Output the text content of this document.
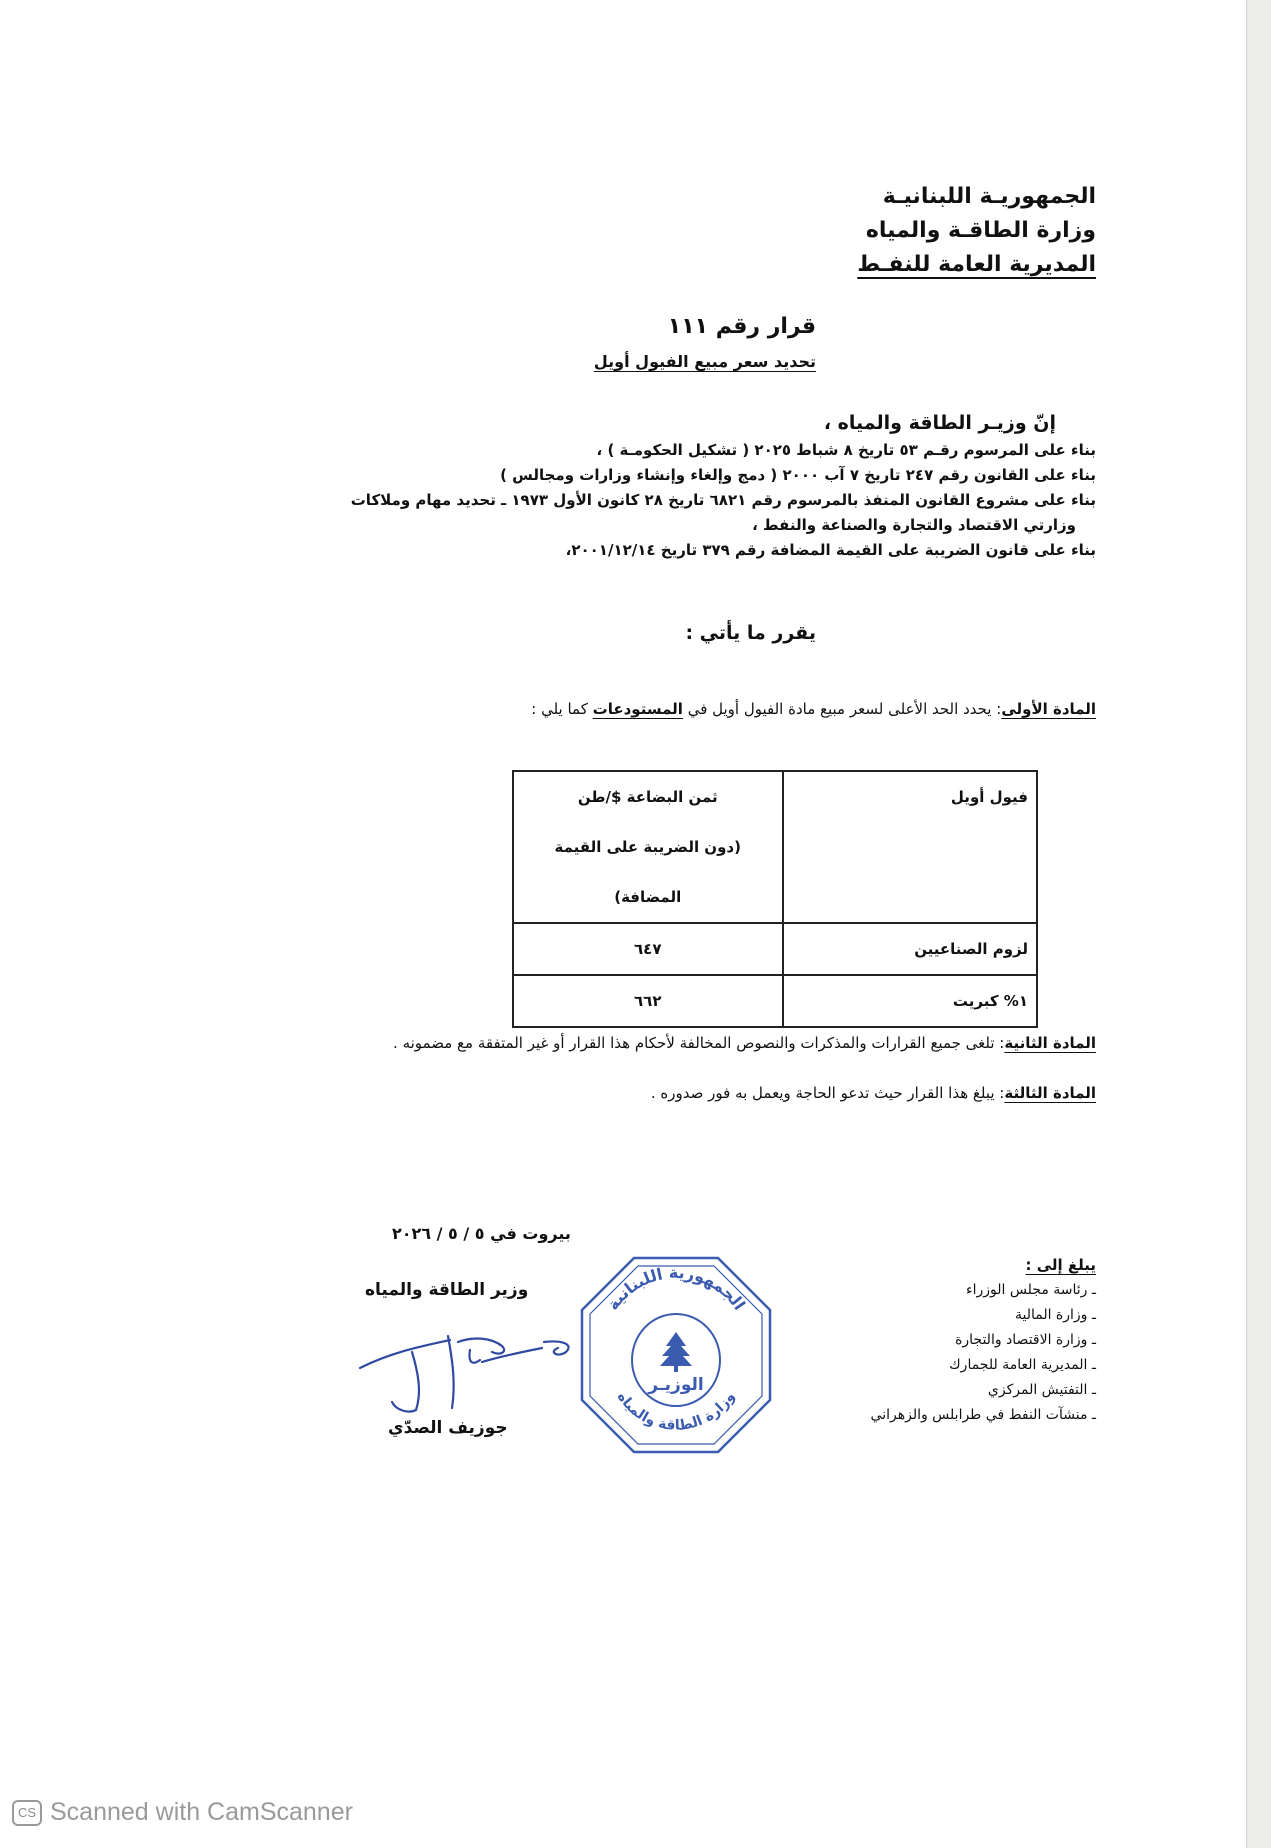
الجمهوريـة اللبنانيـة
وزارة الطاقـة والمياه
المديرية العامة للنفـط
قرار رقم ١١١
تحديد سعر مبيع الفيول أويل
إنّ وزيـر الطاقة والمياه ،
بناء على المرسوم رقـم ٥٣ تاريخ ٨ شباط ٢٠٢٥ ( تشكيل الحكومـة ) ،
بناء على القانون رقم ٢٤٧ تاريخ ٧ آب ٢٠٠٠ ( دمج وإلغاء وإنشاء وزارات ومجالس )
بناء على مشروع القانون المنفذ بالمرسوم رقم ٦٨٢١ تاريخ ٢٨ كانون الأول ١٩٧٣ ـ تحديد مهام وملاكات
وزارتي الاقتصاد والتجارة والصناعة والنفط ،
بناء على قانون الضريبة على القيمة المضافة رقم ٣٧٩ تاريخ ٢٠٠١/١٢/١٤،
يقرر ما يأتي :
المادة الأولى: يحدد الحد الأعلى لسعر مبيع مادة الفيول أويل في المستودعات كما يلي :
فيول أويل	ثمن البضاعة $/طن
(دون الضريبة على القيمة المضافة)

لزوم الصناعيين	٦٤٧
١% كبريت	٦٦٢
المادة الثانية: تلغى جميع القرارات والمذكرات والنصوص المخالفة لأحكام هذا القرار أو غير المتفقة مع مضمونه .
المادة الثالثة: يبلغ هذا القرار حيث تدعو الحاجة ويعمل به فور صدوره .
بيروت في ٥ / ٥ / ٢٠٢٦
وزير الطاقة والمياه
جوزيف الصدّي
الجمهورية اللبنانية
وزارة الطاقة والمياه
الوزيـر
يبلغ إلى :
ـ رئاسة مجلس الوزراء
ـ وزارة المالية
ـ وزارة الاقتصاد والتجارة
ـ المديرية العامة للجمارك
ـ التفتيش المركزي
ـ منشآت النفط في طرابلس والزهراني
CS Scanned with CamScanner
